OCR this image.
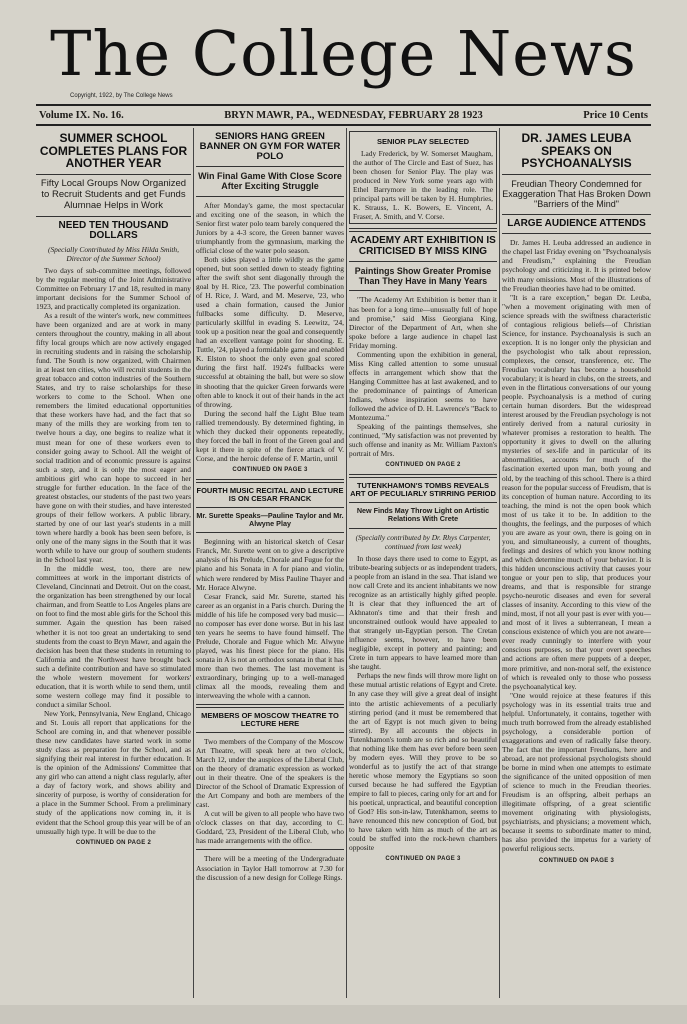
The College News
Copyright, 1922, by The College News
Volume IX. No. 16.	BRYN MAWR, PA., WEDNESDAY, FEBRUARY 28 1923	Price 10 Cents
SUMMER SCHOOL COMPLETES PLANS FOR ANOTHER YEAR
Fifty Local Groups Now Organized to Recruit Students and get Funds Alumnae Helps in Work
NEED TEN THOUSAND DOLLARS
(Specially Contributed by Miss Hilda Smith, Director of the Summer School)

Two days of sub-committee meetings, followed by the regular meeting of the Joint Administrative Committee on February 17 and 18, resulted in many important decisions for the Summer School of 1923, and practically completed its organization.

As a result of the winter's work, new committees have been organized and are at work in many centers throughout the country, making in all about fifty local groups which are now actively engaged in recruiting students and in raising the scholarship fund. The South is now organized, with Chairmen in at least ten cities, who will recruit students in the great tobacco and cotton industries of the Southern States, and try to raise scholarships for these workers to come to the School. When one remembers the limited educational opportunities that these workers have had, and the fact that so many of the mills they are working from ten to twelve hours a day, one begins to realize what it must mean for one of these workers even to consider going away to School. All the weight of social tradition and of economic pressure is against such a step, and it is only the most eager and ambitious girl who can hope to succeed in her struggle for further education. In the face of the greatest obstacles, our students of the past two years have gone on with their studies, and have interested groups of their fellow workers. A public library, started by one of our last year's students in a mill town where hardly a book has been seen before, is only one of the many signs in the South that it was worth while to have our group of southern students in the School last year.

In the middle west, too, there are new committees at work in the important districts of Cleveland, Cincinnati and Detroit. Out on the coast, the organization has been strengthened by our local chairman, and from Seattle to Los Angeles plans are on foot to find the most able girls for the School this summer. Again the question has been raised whether it is not too great an undertaking to send students from the coast to Bryn Mawr, and again the decision has been that these students in returning to California and the Northwest have brought back such a definite contribution and have so stimulated the whole western movement for workers' education, that it is worth while to send them, until some western college may find it possible to conduct a similar School.

New York, Pennsylvania, New England, Chicago and St. Louis all report that applications for the School are coming in, and that whenever possible these new candidates have started work in some study class as preparation for the School, and as signifying their real interest in further education. It is the opinion of the Admissions' Committee that any girl who can attend a night class regularly, after a day of factory work, and shows ability and sincerity of purpose, is worthy of consideration for a place in the Summer School. From a preliminary study of the applications now coming in, it is evident that the School group this year will be of an unusually high type. It will be due to the

CONTINUED ON PAGE 2
SENIORS HANG GREEN BANNER ON GYM FOR WATER POLO
Win Final Game With Close Score After Exciting Struggle

After Monday's game, the most spectacular and exciting one of the season, in which the Senior first water polo team barely conquered the Juniors by a 4-3 score, the Green banner waves triumphantly from the gymnasium, marking the official close of the water polo season.

Both sides played a little wildly as the game opened, but soon settled down to steady fighting after the swift shot sent diagonally through the goal by H. Rice, '23. The powerful combination of H. Rice, J. Ward, and M. Meserve, '23, who used a chain formation, caused the Junior fullbacks some difficulty. D. Meserve, particularly skillful in evading S. Leewitz, '24, took up a position near the goal and consequently had an excellent vantage point for shooting. E. Tuttle, '24, played a formidable game and enabled K. Elston to shoot the only even goal scored during the first half. 1924's fullbacks were successful at obtaining the ball, but were so slow in shooting that the quicker Green forwards were often able to knock it out of their hands in the act of throwing.

During the second half the Light Blue team rallied tremendously. By determined fighting, in which they ducked their opponents repeatedly, they forced the ball in front of the Green goal and kept it there in spite of the fierce attack of V. Corse, and the heroic defense of F. Martin, until

CONTINUED ON PAGE 3
FOURTH MUSIC RECITAL AND LECTURE IS ON CESAR FRANCK
Mr. Surette Speaks—Pauline Taylor and Mr. Alwyne Play

Beginning with an historical sketch of Cesar Franck, Mr. Surette went on to give a descriptive analysis of his Prelude, Chorale and Fugue for the piano and his Sonata in A for piano and violin, which were rendered by Miss Pauline Thayer and Mr. Horace Alwyne.

Cesar Franck, said Mr. Surette, started his career as an organist in a Paris church. During the middle of his life he composed very bad music—no composer has ever done worse. But in his last ten years he seems to have found himself. The Prelude, Chorale and Fugue which Mr. Alwyne played, was his finest piece for the piano. His sonata in A is not an orthodox sonata in that it has more than two themes. The last movement is extraordinary, bringing up to a well-managed climax all the moods, revealing them and interweaving the whole with a cannon.

MEMBERS OF MOSCOW THEATRE TO LECTURE HERE

Two members of the Company of the Moscow Art Theatre, will speak here at two o'clock, March 12, under the auspices of the Liberal Club, on the theory of dramatic expression as worked out in their theatre. One of the speakers is the Director of the School of Dramatic Expression of the Art Company and both are members of the cast.

A cut will be given to all people who have two o'clock classes on that day, according to C. Goddard, '23, President of the Liberal Club, who has made arrangements with the office.

There will be a meeting of the Undergraduate Association in Taylor Hall tomorrow at 7.30 for the discussion of a new design for College Rings.

SENIOR PLAY SELECTED

Lady Frederick, by W. Somerset Maugham, the author of The Circle and East of Suez, has been chosen for Senior Play. The play was produced in New York some years ago with Ethel Barrymore in the leading role. The principal parts will be taken by H. Humphries, K. Strauss, L. K. Bowers, E. Vincent, A. Fraser, A. Smith, and V. Corse.

ACADEMY ART EXHIBITION IS CRITICISED BY MISS KING
Paintings Show Greater Promise Than They Have in Many Years

"The Academy Art Exhibition is better than it has been for a long time—unusually full of hope and promise," said Miss Georgiana King, Director of the Department of Art, when she spoke before a large audience in chapel last Friday morning.

Commenting upon the exhibition in general, Miss King called attention to some unusual effects in arrangement which show that the Hanging Committee has at last awakened, and to the predominance of paintings of American Indians, whose inspiration seems to have followed the advice of D. H. Lawrence's "Back to Montezuma."

Speaking of the paintings themselves, she continued, "My satisfaction was not prevented by such offense and inanity as Mr. William Paxton's portrait of Mrs.

CONTINUED ON PAGE 2
TUTENKHAMON'S TOMBS REVEALS ART OF PECULIARLY STIRRING PERIOD
New Finds May Throw Light on Artistic Relations With Crete
(Specially contributed by Dr. Rhys Carpenter, continued from last week)

In those days there used to come to Egypt, as tribute-bearing subjects or as independent traders, a people from an island in the sea. That island we now call Crete and its ancient inhabitants we now recognize as an artistically highly gifted people. It is clear that they influenced the art of Akhnaton's time and that their fresh and unconstrained outlook would have appealed to that strangely un-Egyptian person. The Cretan influence seems, however, to have been negligible, except in pottery and painting; and Crete in turn appears to have learned more than she taught.

Perhaps the new finds will throw more light on these mutual artistic relations of Egypt and Crete. In any case they will give a great deal of insight into the artistic achievements of a peculiarly stirring period (and it must be remembered that the art of Egypt is not much given to being stirred). By all accounts the objects in Tutenkhamon's tomb are so rich and so beautiful that nothing like them has ever before been seen by modern eyes. Will they prove to be so wonderful as to justify the act of that strange heretic whose memory the Egyptians so soon cursed because he had suffered the Egyptian empire to fall to pieces, caring only for art and for his poetical, unpractical, and beautiful conception of God? His son-in-law, Tutenkhamon, seems to have renounced this new conception of God, but to have taken with him as much of the art as could be stuffed into the rock-hewn chambers opposite

CONTINUED ON PAGE 3
DR. JAMES LEUBA SPEAKS ON PSYCHOANALYSIS
Freudian Theory Condemned for Exaggeration That Has Broken Down "Barriers of the Mind"
LARGE AUDIENCE ATTENDS

Dr. James H. Leuba addressed an audience in the chapel last Friday evening on "Psychoanalysis and Freudism," explaining the Freudian psychology and criticizing it. It is printed below with many omissions. Most of the illustrations of the Freudian theories have had to be omitted.

"It is a rare exception," began Dr. Leuba, "when a movement originating with men of science spreads with the swiftness characteristic of contagious religious beliefs—of Christian Science, for instance. Psychoanalysis is such an exception. It is no longer only the physician and the psychologist who talk about repression, complexes, the censor, transference, etc. The Freudian vocabulary has become a household vocabulary; it is heard in clubs, on the streets, and even in the flirtatious conversations of our young people. Psychoanalysis is a method of curing certain human disorders. But the widespread interest aroused by the Freudian psychology is not entirely derived from a natural curiosity in whatever promises a restoration to health. The opportunity it gives to dwell on the alluring mysteries of sex-life and in particular of its abnormalities, accounts for much of the fascination exerted upon man, both young and old, by the teaching of this school. There is a third reason for the popular success of Freudism, that is its conception of human nature. According to its teaching, the mind is not the open book which most of us take it to be. In addition to the thoughts, the feelings, and the purposes of which you are aware as your own, there is going on in you, and simultaneously, a current of thoughts, feelings and desires of which you know nothing and which determine much of your behavior. It is this hidden unconscious activity that causes your tongue or your pen to slip, that produces your dreams, and that is responsible for strange psycho-neurotic diseases and even for several classes of insanity. According to this view of the mind, most, if not all your past is ever with you—and most of it lives a subterranean, I mean a conscious existence of which you are not aware—ever ready cunningly to interfere with your conscious purposes, so that your overt speeches and actions are often mere puppets of a deeper, more primitive, and non-moral self, the existence of which is revealed only to those who possess the psychoanalytical key.

"One would rejoice at these features if this psychology was in its essential traits true and helpful. Unfortunately, it contains, together with much truth borrowed from the already established psychology, a considerable portion of exaggerations and even of radically false theory. The fact that the important Freudians, here and abroad, are not professional psychologists should be borne in mind when one attempts to estimate the significance of the united opposition of men of science to much in the Freudian theories. Freudism is an offspring, albeit perhaps an illegitimate offspring, of a great scientific movement originating with physiologists, psychiatrists, and physicians; a movement which, because it seems to subordinate matter to mind, has also provided the impetus for a variety of powerful religious sects.

CONTINUED ON PAGE 3
